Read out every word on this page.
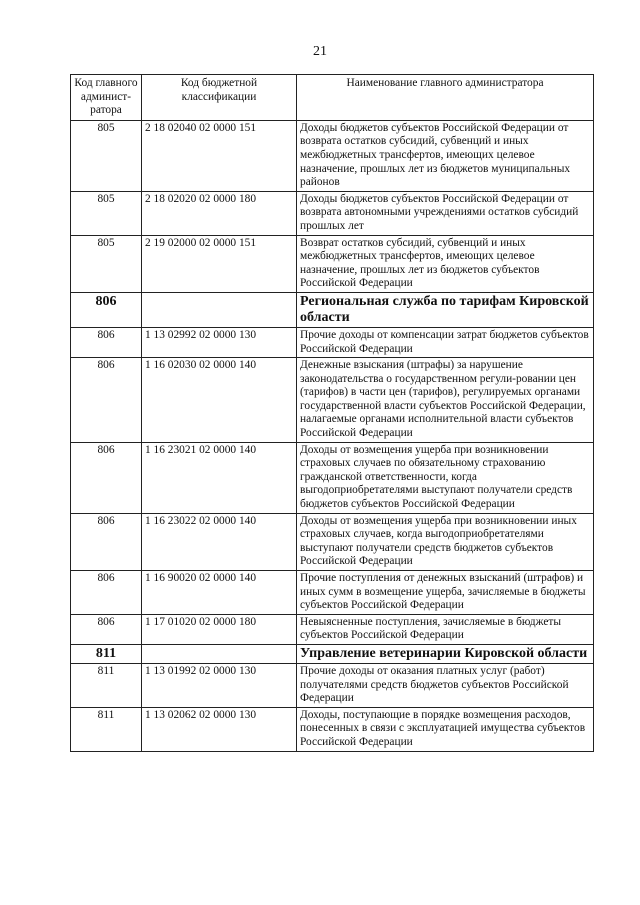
21
Код главного админист-ратора	Код бюджетной классификации	Наименование главного администратора
805	2 18 02040 02 0000 151	Доходы бюджетов субъектов Российской Федерации от возврата остатков субсидий, субвенций и иных межбюджетных трансфертов, имеющих целевое назначение, прошлых лет из бюджетов муниципальных районов
805	2 18 02020 02 0000 180	Доходы бюджетов субъектов Российской Федерации от возврата автономными учреждениями остатков субсидий прошлых лет
805	2 19 02000 02 0000 151	Возврат остатков субсидий, субвенций и иных межбюджетных трансфертов, имеющих целевое назначение, прошлых лет из бюджетов субъектов Российской Федерации
806		Региональная служба по тарифам Кировской области
806	1 13 02992 02 0000 130	Прочие доходы от компенсации затрат бюджетов субъектов Российской Федерации
806	1 16 02030 02 0000 140	Денежные взыскания (штрафы) за нарушение законодательства о государственном регули-ровании цен (тарифов) в части цен (тарифов), регулируемых органами государственной власти субъектов Российской Федерации, налагаемые органами исполнительной власти субъектов Российской Федерации
806	1 16 23021 02 0000 140	Доходы от возмещения ущерба при возникновении страховых случаев по обязательному страхованию гражданской ответственности, когда выгодоприобретателями выступают получатели средств бюджетов субъектов Российской Федерации
806	1 16 23022 02 0000 140	Доходы от возмещения ущерба при возникновении иных страховых случаев, когда выгодоприобретателями выступают получатели средств бюджетов субъектов Российской Федерации
806	1 16 90020 02 0000 140	Прочие поступления от денежных взысканий (штрафов) и иных сумм в возмещение ущерба, зачисляемые в бюджеты субъектов Российской Федерации
806	1 17 01020 02 0000 180	Невыясненные поступления, зачисляемые в бюджеты субъектов Российской Федерации
811		Управление ветеринарии Кировской области
811	1 13 01992 02 0000 130	Прочие доходы от оказания платных услуг (работ) получателями средств бюджетов субъектов Российской Федерации
811	1 13 02062 02 0000 130	Доходы, поступающие в порядке возмещения расходов, понесенных в связи с эксплуатацией имущества субъектов Российской Федерации
